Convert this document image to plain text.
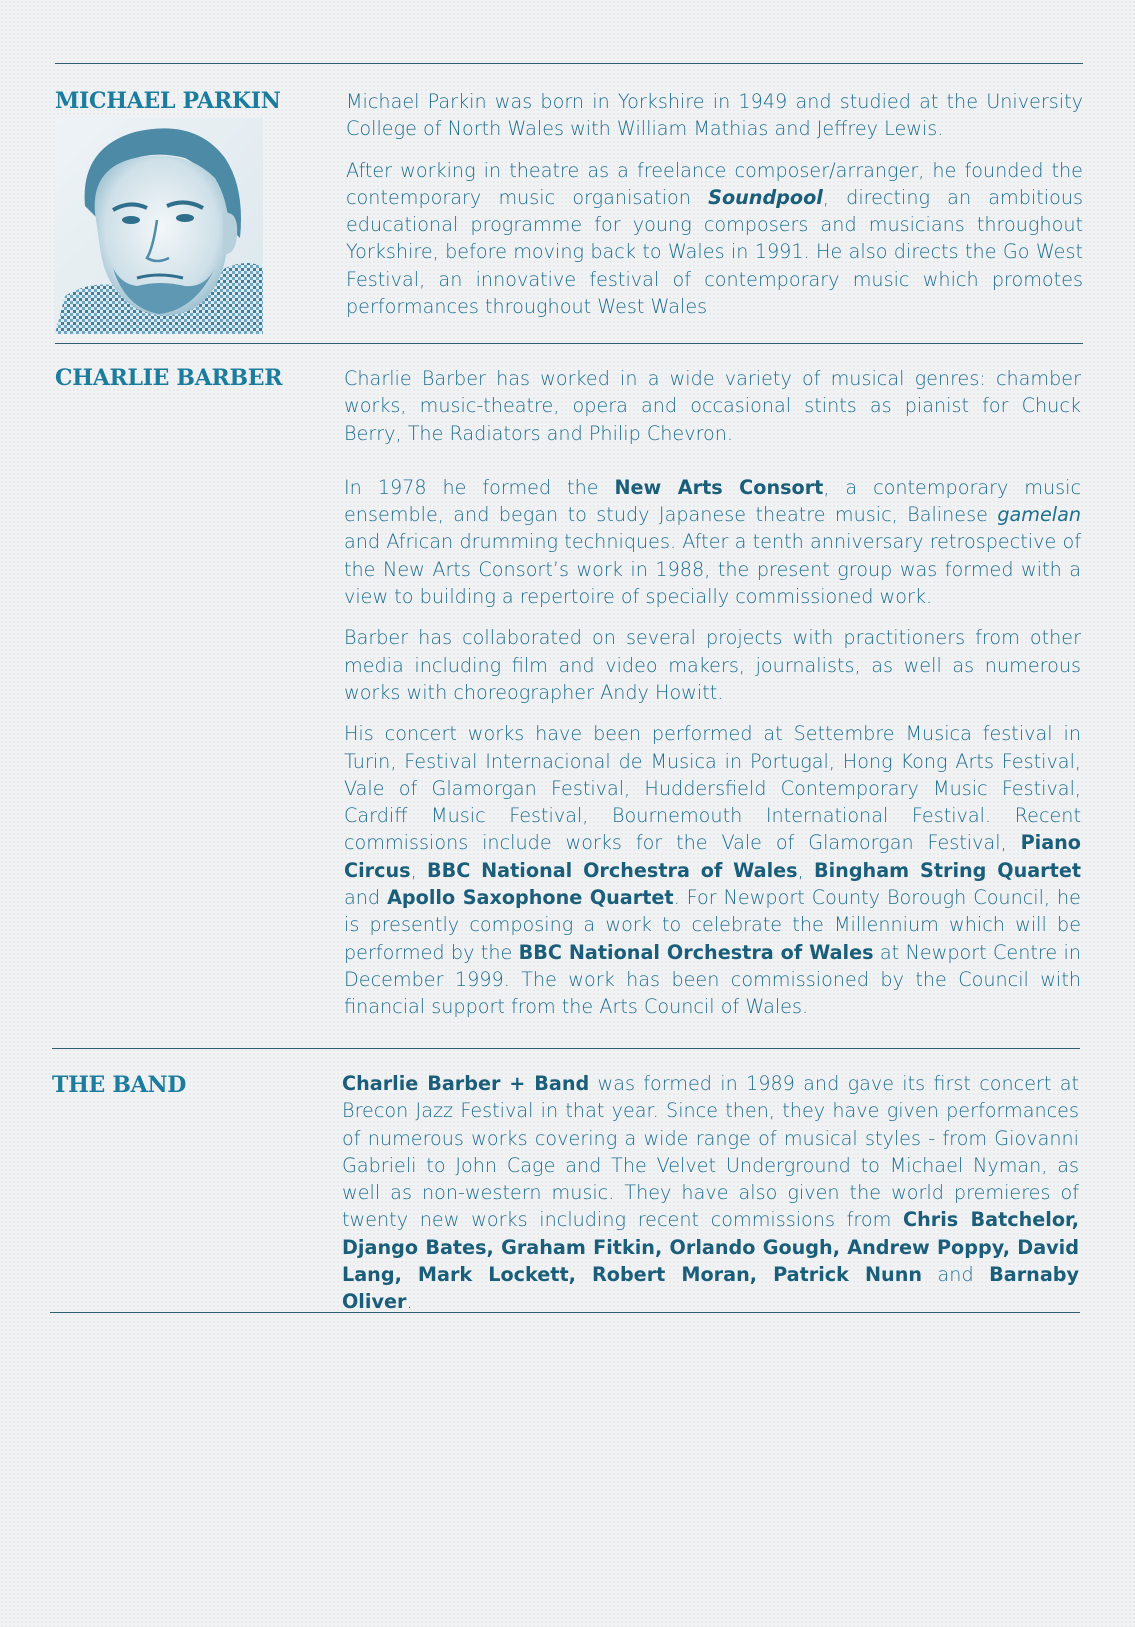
MICHAEL PARKIN	Michael Parkin was born in Yorkshire in 1949 and studied at the University College of North Wales with William Mathias and Jeffrey Lewis.

After working in theatre as a freelance composer/arranger, he founded the contemporary music organisation Soundpool, directing an ambitious educational programme for young composers and musicians throughout Yorkshire, before moving back to Wales in 1991. He also directs the Go West Festival, an innovative festival of contemporary music which promotes performances throughout West Wales

CHARLIE BARBER	Charlie Barber has worked in a wide variety of musical genres: chamber works, music-theatre, opera and occasional stints as pianist for Chuck Berry, The Radiators and Philip Chevron.

In 1978 he formed the New Arts Consort, a contemporary music ensemble, and began to study Japanese theatre music, Balinese gamelan and African drumming techniques. After a tenth anniversary retrospective of the New Arts Consort’s work in 1988, the present group was formed with a view to building a repertoire of specially commissioned work.

Barber has collaborated on several projects with practitioners from other media including film and video makers, journalists, as well as numerous works with choreographer Andy Howitt.

His concert works have been performed at Settembre Musica festival in Turin, Festival Internacional de Musica in Portugal, Hong Kong Arts Festival, Vale of Glamorgan Festival, Huddersfield Contemporary Music Festival, Cardiff Music Festival, Bournemouth International Festival. Recent commissions include works for the Vale of Glamorgan Festival, Piano Circus, BBC National Orchestra of Wales, Bingham String Quartet and Apollo Saxophone Quartet. For Newport County Borough Council, he is presently composing a work to celebrate the Millennium which will be performed by the BBC National Orchestra of Wales at Newport Centre in December 1999. The work has been commissioned by the Council with financial support from the Arts Council of Wales.

THE BAND	Charlie Barber + Band was formed in 1989 and gave its first concert at Brecon Jazz Festival in that year. Since then, they have given performances of numerous works covering a wide range of musical styles - from Giovanni Gabrieli to John Cage and The Velvet Underground to Michael Nyman, as well as non-western music. They have also given the world premieres of twenty new works including recent commissions from Chris Batchelor, Django Bates, Graham Fitkin, Orlando Gough, Andrew Poppy, David Lang, Mark Lockett, Robert Moran, Patrick Nunn and Barnaby Oliver.
